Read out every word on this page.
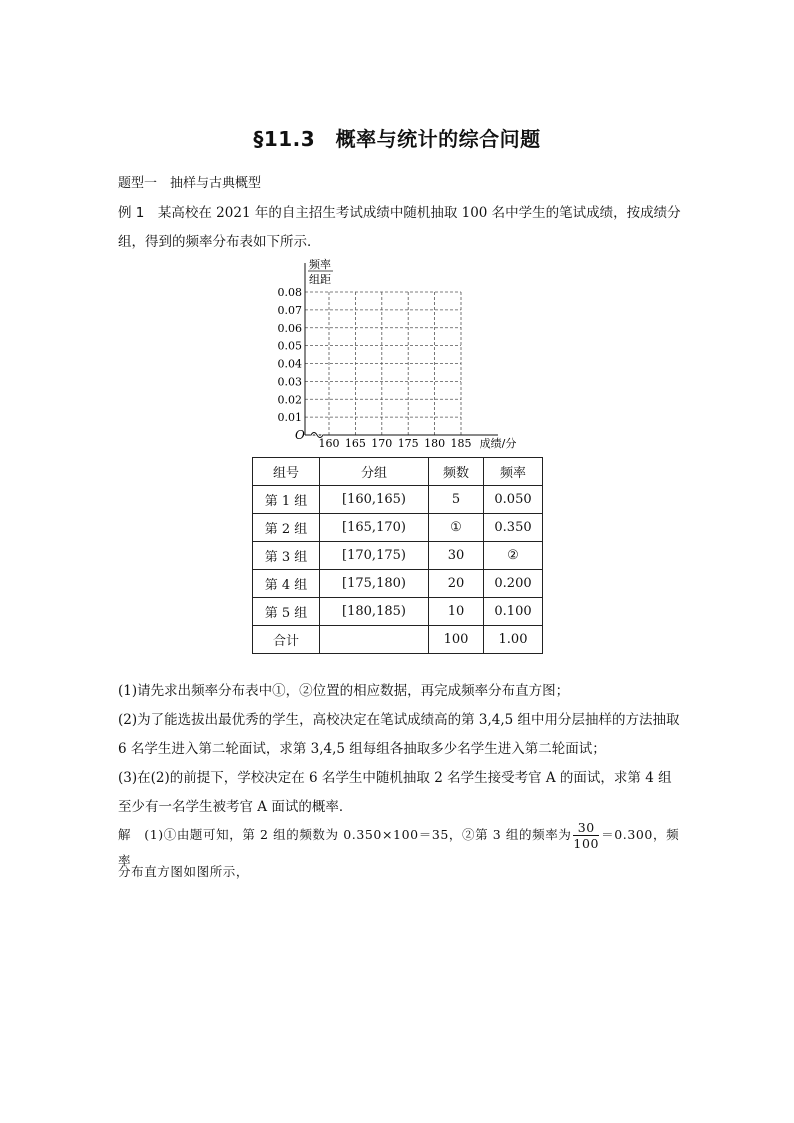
§11.3　概率与统计的综合问题
题型一　抽样与古典概型
例 1　 某高校在 2021 年的自主招生考试成绩中随机抽取 100 名中学生的笔试成绩，按成绩分组，得到的频率分布表如下所示．
0.01
0.02
0.03
0.04
0.05
0.06
0.07
0.08
160 165 170 175 180 185
O
频率
组距
成绩/分
组号	分组	频数	频率
第 1 组	[160,165)	5	0.050
第 2 组	[165,170)	①	0.350
第 3 组	[170,175)	30	②
第 4 组	[175,180)	20	0.200
第 5 组	[180,185)	10	0.100
合计		100	1.00
(1)请先求出频率分布表中①，②位置的相应数据，再完成频率分布直方图；
(2)为了能选拔出最优秀的学生，高校决定在笔试成绩高的第 3,4,5 组中用分层抽样的方法抽取 6 名学生进入第二轮面试，求第 3,4,5 组每组各抽取多少名学生进入第二轮面试；
(3)在(2)的前提下，学校决定在 6 名学生中随机抽取 2 名学生接受考官 A 的面试，求第 4 组至少有一名学生被考官 A 面试的概率．
解　 (1)①由题可知，第 2 组的频数为 0.350×100＝35，②第 3 组的频率为 $\frac{30}{100} =0.300$，频率
分布直方图如图所示，
